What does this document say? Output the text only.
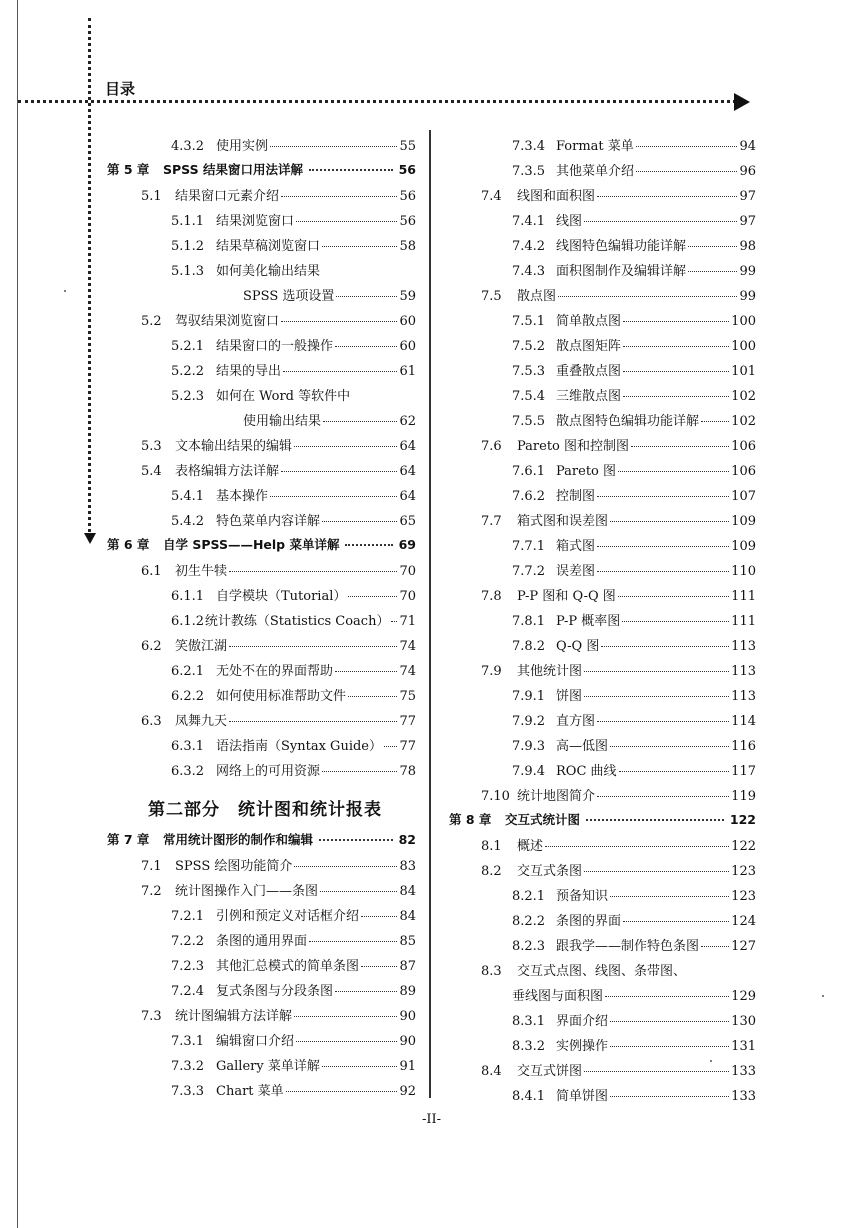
目录
4.3.2 使用实例	55
第 5 章	SPSS 结果窗口用法详解	56
5.1	结果窗口元素介绍	56
5.1.1 结果浏览窗口	56
5.1.2 结果草稿浏览窗口	58
5.1.3 如何美化输出结果
SPSS 选项设置	59
5.2	驾驭结果浏览窗口	60
5.2.1 结果窗口的一般操作	60
5.2.2 结果的导出	61
5.2.3 如何在 Word 等软件中
使用输出结果	62
5.3	文本输出结果的编辑	64
5.4	表格编辑方法详解	64
5.4.1 基本操作	64
5.4.2 特色菜单内容详解	65
第 6 章	自学 SPSS——Help 菜单详解	69
6.1	初生牛犊	70
6.1.1 自学模块（Tutorial）	70
6.1.2 统计教练（Statistics Coach） 71
6.2	笑傲江湖	74
6.2.1 无处不在的界面帮助	74
6.2.2 如何使用标准帮助文件	75
6.3	凤舞九天	77
6.3.1 语法指南（Syntax Guide） 77
6.3.2 网络上的可用资源	78
第 7 章	常用统计图形的制作和编辑	82
7.1	SPSS 绘图功能简介	83
7.2	统计图操作入门——条图	84
7.2.1 引例和预定义对话框介绍	84
7.2.2 条图的通用界面	85
7.2.3 其他汇总模式的简单条图	87
7.2.4 复式条图与分段条图	89
7.3	统计图编辑方法详解	90
7.3.1 编辑窗口介绍	90
7.3.2 Gallery 菜单详解	91
7.3.3 Chart 菜单	92
7.3.4 Format 菜单	94
7.3.5 其他菜单介绍	96
7.4	线图和面积图	97
7.4.1 线图	97
7.4.2 线图特色编辑功能详解	98
7.4.3 面积图制作及编辑详解	99
7.5	散点图	99
7.5.1 简单散点图	100
7.5.2 散点图矩阵	100
7.5.3 重叠散点图	101
7.5.4 三维散点图	102
7.5.5 散点图特色编辑功能详解 102
7.6	Pareto 图和控制图	106
7.6.1 Pareto 图	106
7.6.2 控制图	107
7.7	箱式图和误差图	109
7.7.1 箱式图	109
7.7.2 误差图	110
7.8	P-P 图和 Q-Q 图	111
7.8.1 P-P 概率图	111
7.8.2 Q-Q 图	113
7.9	其他统计图	113
7.9.1 饼图	113
7.9.2 直方图	114
7.9.3 高—低图	116
7.9.4 ROC 曲线	117
7.10 统计地图简介	119
第 8 章	交互式统计图	122
8.1	概述	122
8.2	交互式条图	123
8.2.1 预备知识	123
8.2.2 条图的界面	124
8.2.3 跟我学——制作特色条图 127
8.3	交互式点图、线图、条带图、
垂线图与面积图	129
8.3.1 界面介绍	130
8.3.2 实例操作	131
8.4	交互式饼图	133
8.4.1 简单饼图	133
第二部分　统计图和统计报表
-II-
